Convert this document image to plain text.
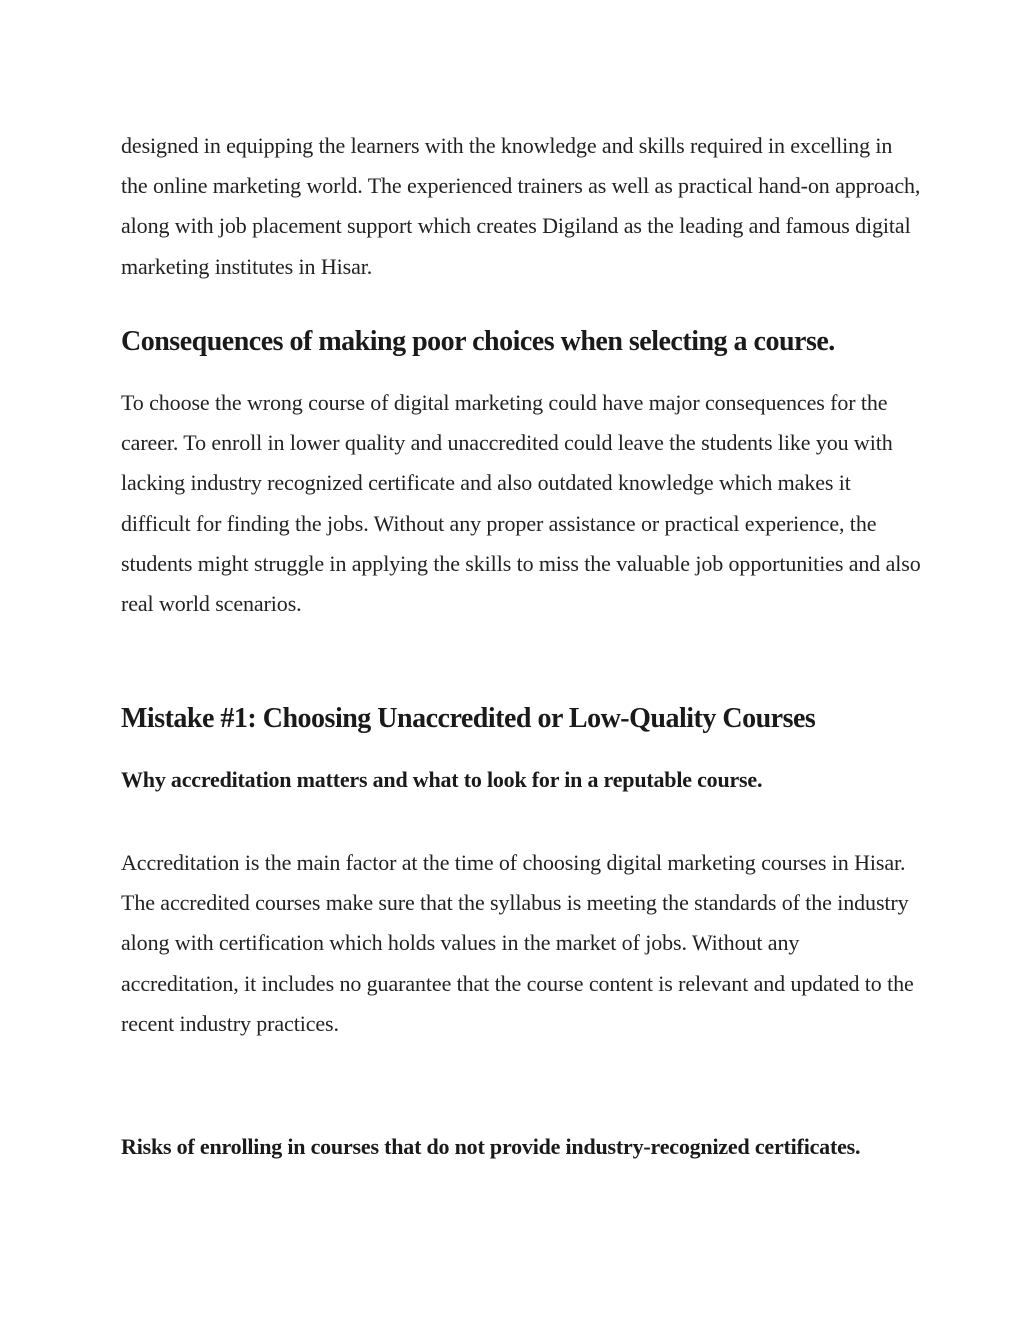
designed in equipping the learners with the knowledge and skills required in excelling in the online marketing world. The experienced trainers as well as practical hand-on approach, along with job placement support which creates Digiland as the leading and famous digital marketing institutes in Hisar.

Consequences of making poor choices when selecting a course.

To choose the wrong course of digital marketing could have major consequences for the career. To enroll in lower quality and unaccredited could leave the students like you with lacking industry recognized certificate and also outdated knowledge which makes it difficult for finding the jobs. Without any proper assistance or practical experience, the students might struggle in applying the skills to miss the valuable job opportunities and also real world scenarios.

Mistake #1: Choosing Unaccredited or Low-Quality Courses
Why accreditation matters and what to look for in a reputable course.

Accreditation is the main factor at the time of choosing digital marketing courses in Hisar. The accredited courses make sure that the syllabus is meeting the standards of the industry along with certification which holds values in the market of jobs. Without any accreditation, it includes no guarantee that the course content is relevant and updated to the recent industry practices.

Risks of enrolling in courses that do not provide industry-recognized certificates.
